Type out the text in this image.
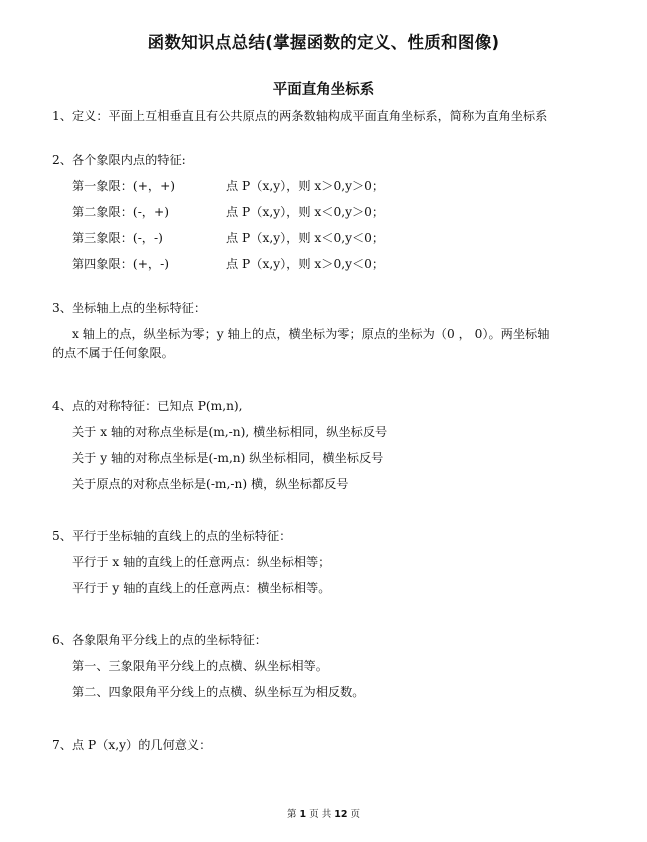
函数知识点总结(掌握函数的定义、性质和图像)
平面直角坐标系
1、定义：平面上互相垂直且有公共原点的两条数轴构成平面直角坐标系，简称为直角坐标系
2、各个象限内点的特征:
第一象限：(+，+)	点 P（x,y），则 x＞0,y＞0；
第二象限：(-，+)	点 P（x,y），则 x＜0,y＞0；
第三象限：(-，-)	点 P（x,y），则 x＜0,y＜0；
第四象限：(+，-)	点 P（x,y），则 x＞0,y＜0；
3、坐标轴上点的坐标特征：
x 轴上的点，纵坐标为零；y 轴上的点，横坐标为零；原点的坐标为（0 ， 0）。两坐标轴
的点不属于任何象限。
4、点的对称特征：已知点 P(m,n),
关于 x 轴的对称点坐标是(m,-n), 横坐标相同，纵坐标反号
关于 y 轴的对称点坐标是(-m,n) 纵坐标相同，横坐标反号
关于原点的对称点坐标是(-m,-n) 横，纵坐标都反号
5、平行于坐标轴的直线上的点的坐标特征：
平行于 x 轴的直线上的任意两点：纵坐标相等；
平行于 y 轴的直线上的任意两点：横坐标相等。
6、各象限角平分线上的点的坐标特征：
第一、三象限角平分线上的点横、纵坐标相等。
第二、四象限角平分线上的点横、纵坐标互为相反数。
7、点 P（x,y）的几何意义：
第 1 页 共 12 页
